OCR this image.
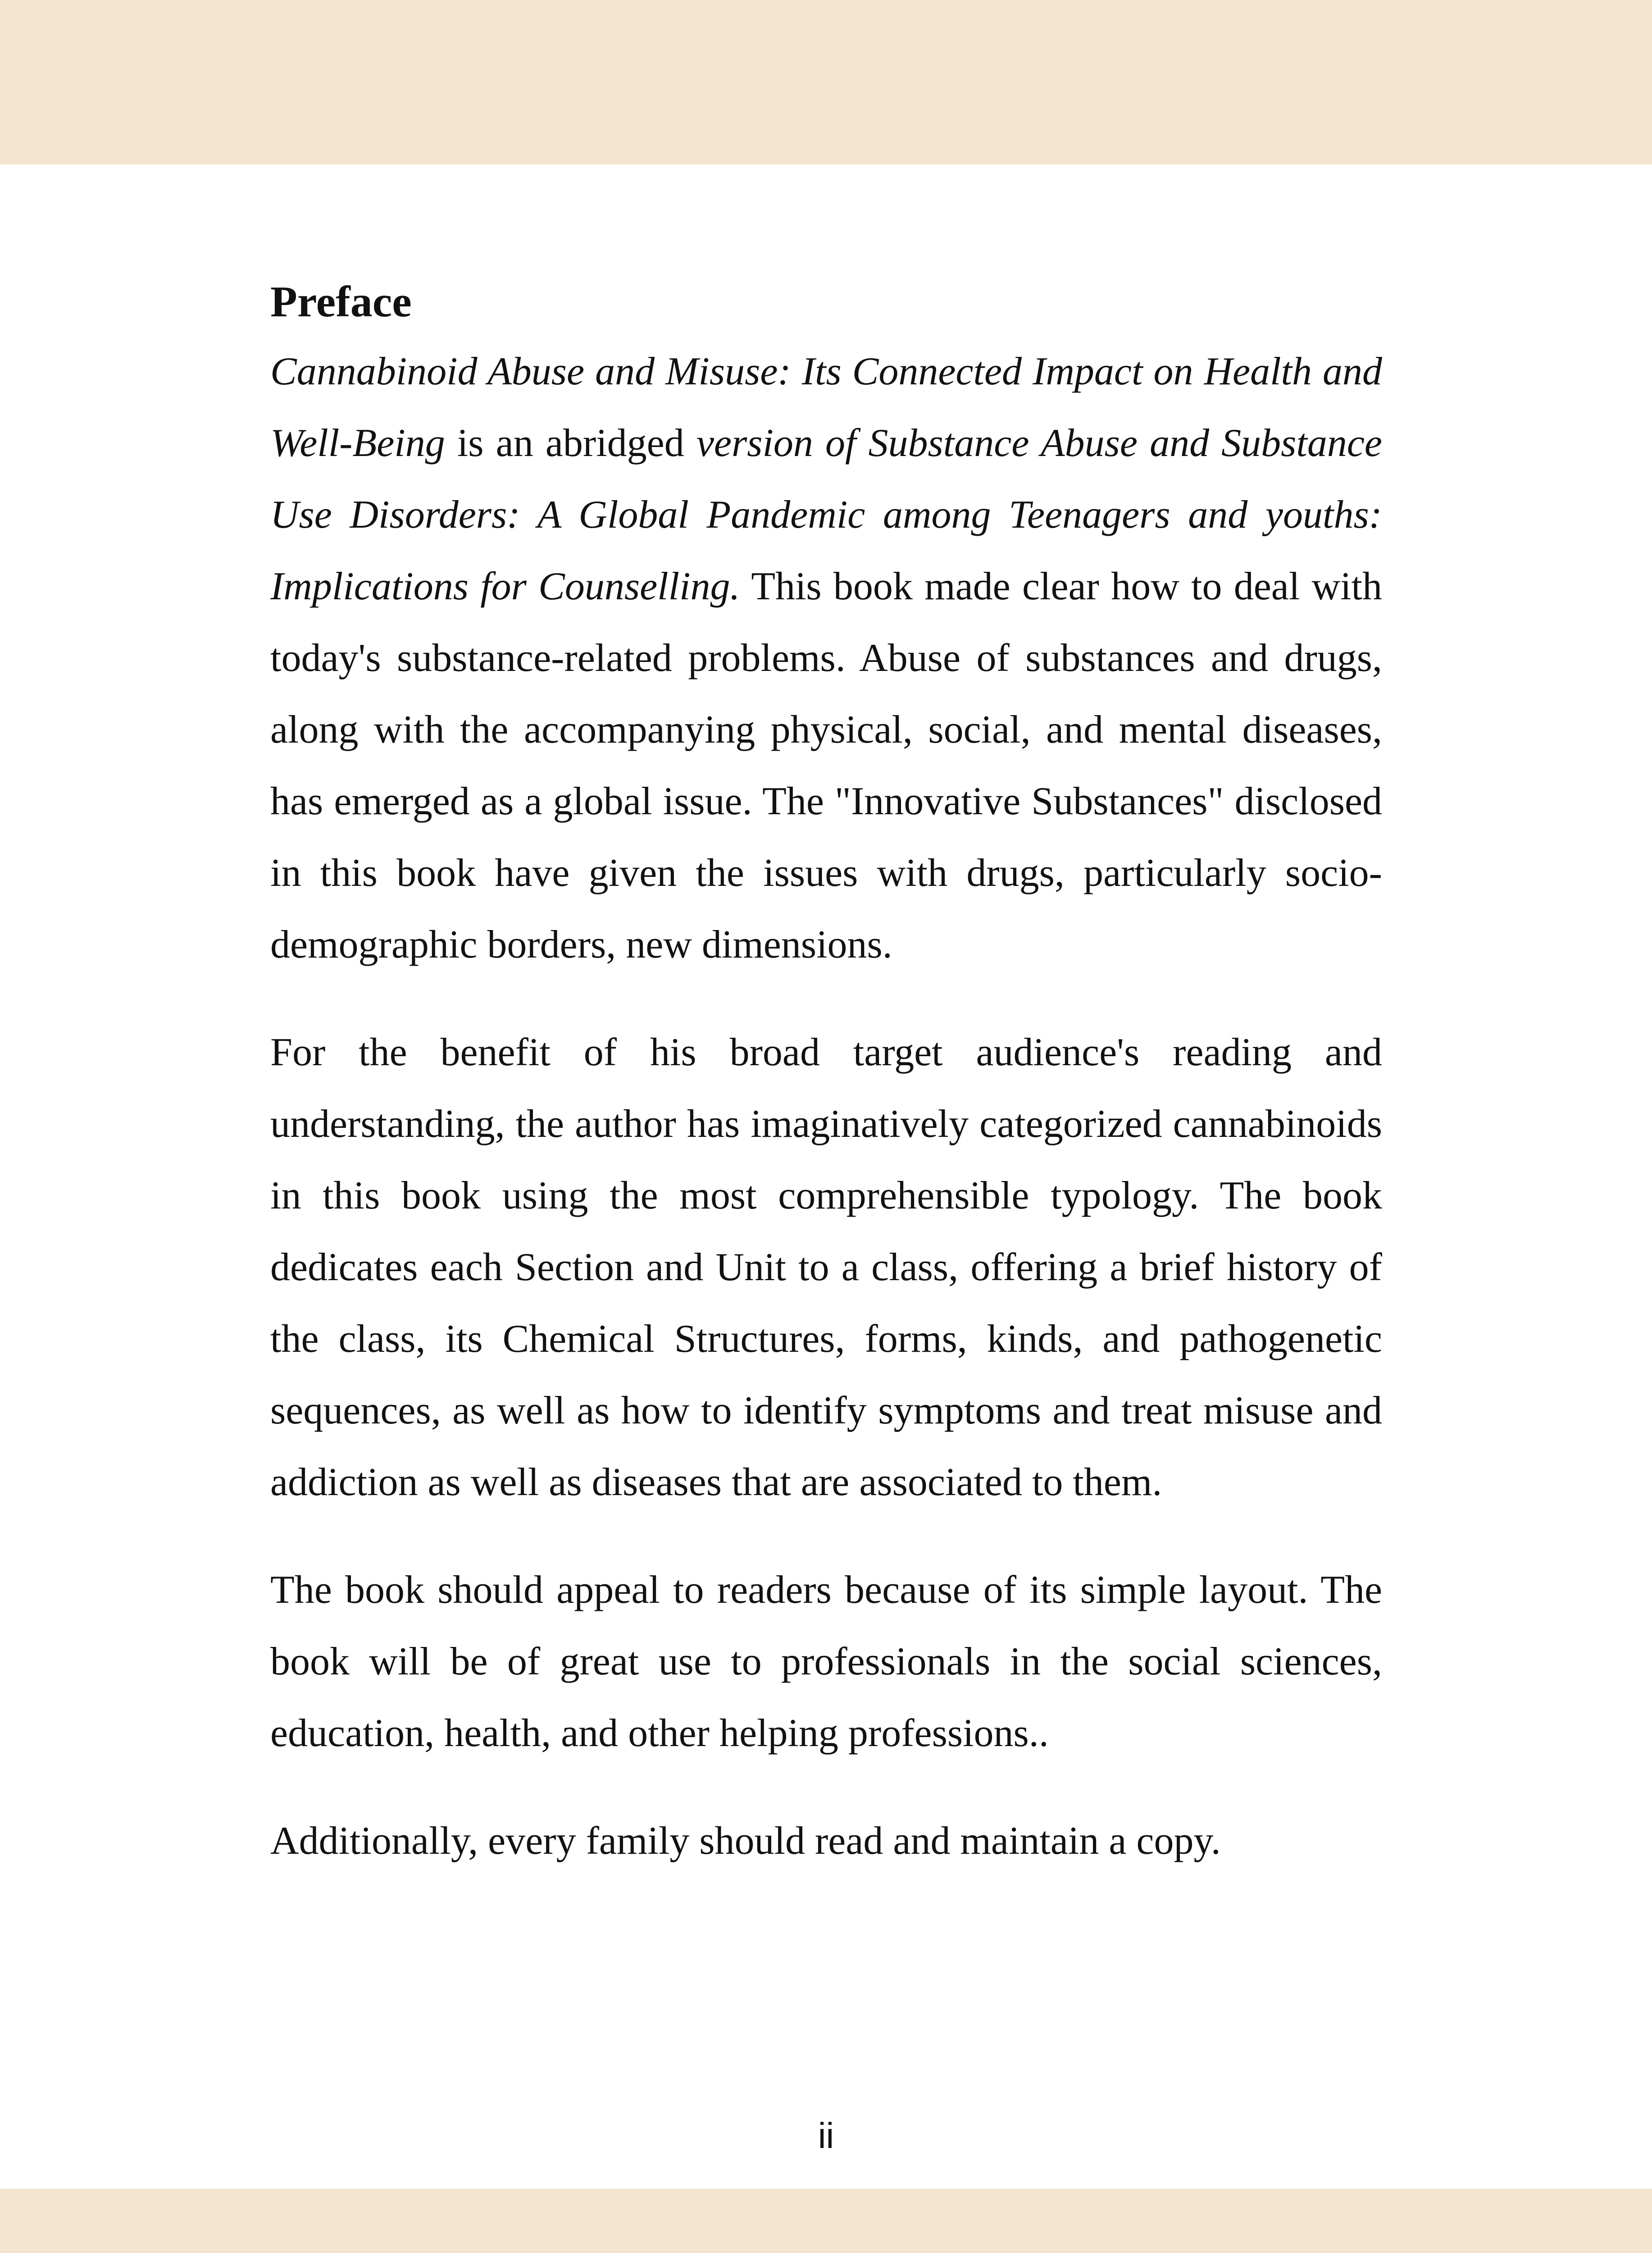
Preface

Cannabinoid Abuse and Misuse: Its Connected Impact on Health and Well-Being is an abridged version of Substance Abuse and Substance Use Disorders: A Global Pandemic among Teenagers and youths: Implications for Counselling. This book made clear how to deal with today's substance-related problems. Abuse of substances and drugs, along with the accompanying physical, social, and mental diseases, has emerged as a global issue. The "Innovative Substances" disclosed in this book have given the issues with drugs, particularly socio-demographic borders, new dimensions.

For the benefit of his broad target audience's reading and understanding, the author has imaginatively categorized cannabinoids in this book using the most comprehensible typology. The book dedicates each Section and Unit to a class, offering a brief history of the class, its Chemical Structures, forms, kinds, and pathogenetic sequences, as well as how to identify symptoms and treat misuse and addiction as well as diseases that are associated to them.

The book should appeal to readers because of its simple layout. The book will be of great use to professionals in the social sciences, education, health, and other helping professions..

Additionally, every family should read and maintain a copy.

ii
